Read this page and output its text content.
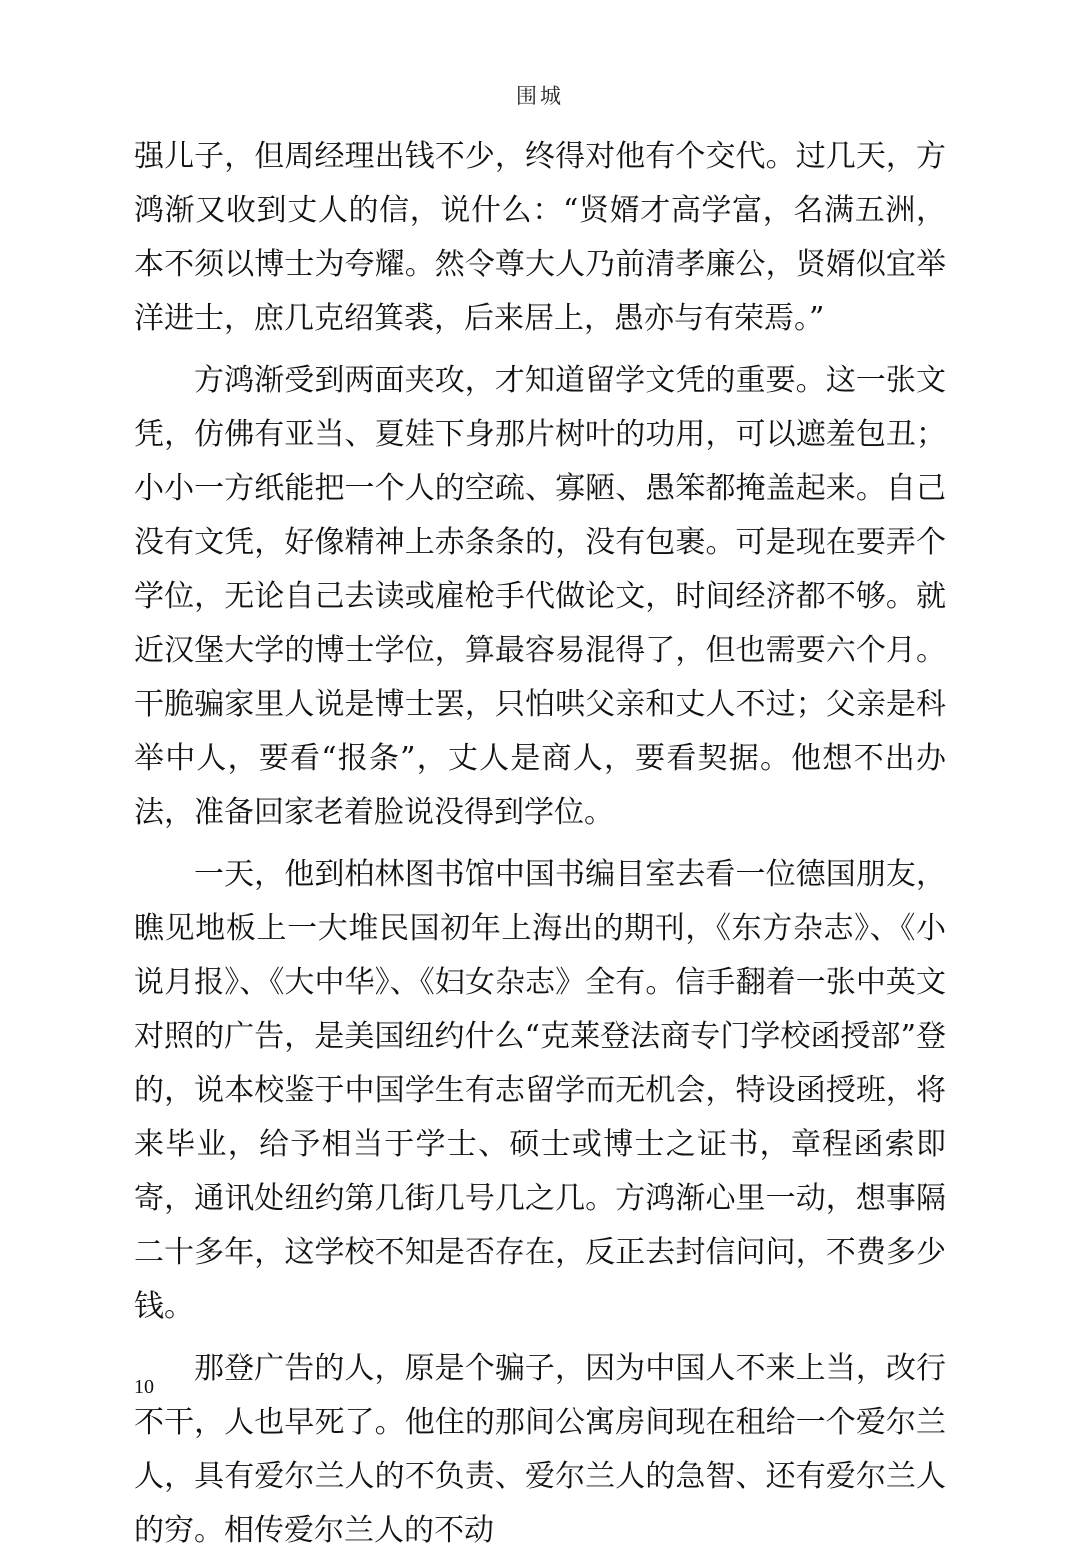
围城

强儿子，但周经理出钱不少，终得对他有个交代。过几天，方鸿渐又收到丈人的信，说什么：“贤婿才高学富，名满五洲，本不须以博士为夸耀。然令尊大人乃前清孝廉公，贤婿似宜举洋进士，庶几克绍箕裘，后来居上，愚亦与有荣焉。”

方鸿渐受到两面夹攻，才知道留学文凭的重要。这一张文凭，仿佛有亚当、夏娃下身那片树叶的功用，可以遮羞包丑；小小一方纸能把一个人的空疏、寡陋、愚笨都掩盖起来。自己没有文凭，好像精神上赤条条的，没有包裹。可是现在要弄个学位，无论自己去读或雇枪手代做论文，时间经济都不够。就近汉堡大学的博士学位，算最容易混得了，但也需要六个月。干脆骗家里人说是博士罢，只怕哄父亲和丈人不过；父亲是科举中人，要看“报条”，丈人是商人，要看契据。他想不出办法，准备回家老着脸说没得到学位。

一天，他到柏林图书馆中国书编目室去看一位德国朋友，瞧见地板上一大堆民国初年上海出的期刊，《东方杂志》、《小说月报》、《大中华》、《妇女杂志》全有。信手翻着一张中英文对照的广告，是美国纽约什么“克莱登法商专门学校函授部”登的，说本校鉴于中国学生有志留学而无机会，特设函授班，将来毕业，给予相当于学士、硕士或博士之证书，章程函索即寄，通讯处纽约第几街几号几之几。方鸿渐心里一动，想事隔二十多年，这学校不知是否存在，反正去封信问问，不费多少钱。

那登广告的人，原是个骗子，因为中国人不来上当，改行不干，人也早死了。他住的那间公寓房间现在租给一个爱尔兰人，具有爱尔兰人的不负责、爱尔兰人的急智、还有爱尔兰人的穷。相传爱尔兰人的不动

10
